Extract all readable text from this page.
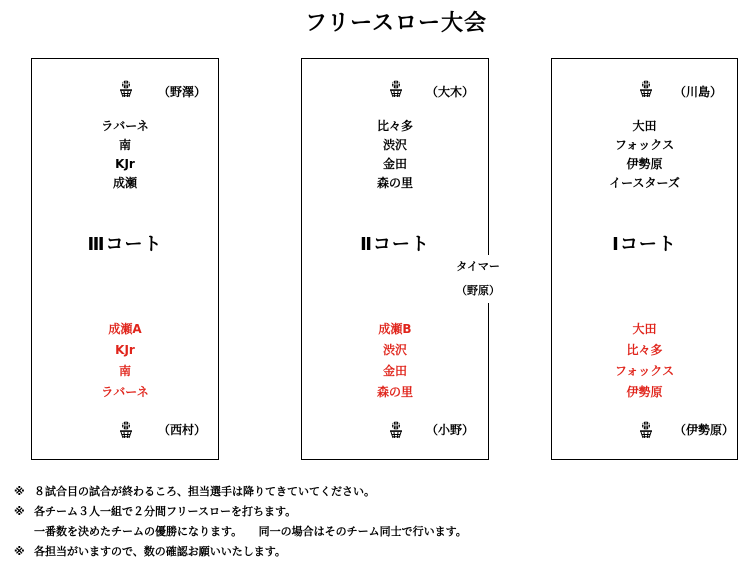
フリースロー大会
（野澤）
ラバーネ
南
KJr
成瀬
Ⅲコート
成瀬A
KJr
南
ラバーネ
（西村）
（大木）
比々多
渋沢
金田
森の里
Ⅱコート
成瀬B
渋沢
金田
森の里
（小野）
タイマー
（野原）
（川島）
大田
フォックス
伊勢原
イースターズ
Ⅰコート
大田
比々多
フォックス
伊勢原
（伊勢原）
※ ８試合目の試合が終わるころ、担当選手は降りてきていてください。
※ 各チーム３人一組で２分間フリースローを打ちます。
一番数を決めたチームの優勝になります。　　同一の場合はそのチーム同士で行います。
※ 各担当がいますので、数の確認お願いいたします。
